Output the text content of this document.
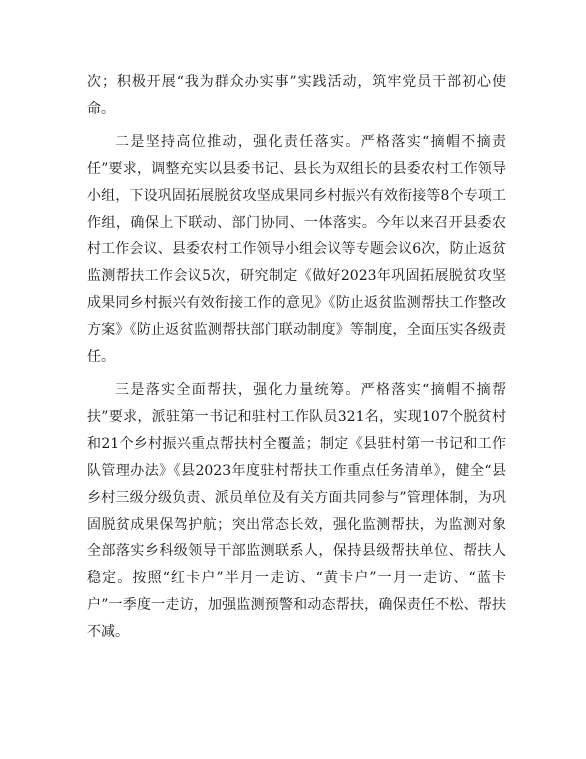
次；积极开展“我为群众办实事”实践活动，筑牢党员干部初心使命。

二是坚持高位推动，强化责任落实。严格落实“摘帽不摘责任”要求，调整充实以县委书记、县长为双组长的县委农村工作领导小组，下设巩固拓展脱贫攻坚成果同乡村振兴有效衔接等8个专项工作组，确保上下联动、部门协同、一体落实。今年以来召开县委农村工作会议、县委农村工作领导小组会议等专题会议6次，防止返贫监测帮扶工作会议5次，研究制定《做好2023年巩固拓展脱贫攻坚成果同乡村振兴有效衔接工作的意见》《防止返贫监测帮扶工作整改方案》《防止返贫监测帮扶部门联动制度》等制度，全面压实各级责任。

三是落实全面帮扶，强化力量统筹。严格落实“摘帽不摘帮扶”要求，派驻第一书记和驻村工作队员321名，实现107个脱贫村和21个乡村振兴重点帮扶村全覆盖；制定《县驻村第一书记和工作队管理办法》《县2023年度驻村帮扶工作重点任务清单》，健全“县乡村三级分级负责、派员单位及有关方面共同参与”管理体制，为巩固脱贫成果保驾护航；突出常态长效，强化监测帮扶，为监测对象全部落实乡科级领导干部监测联系人，保持县级帮扶单位、帮扶人稳定。按照“红卡户”半月一走访、“黄卡户”一月一走访、“蓝卡户”一季度一走访，加强监测预警和动态帮扶，确保责任不松、帮扶不减。
